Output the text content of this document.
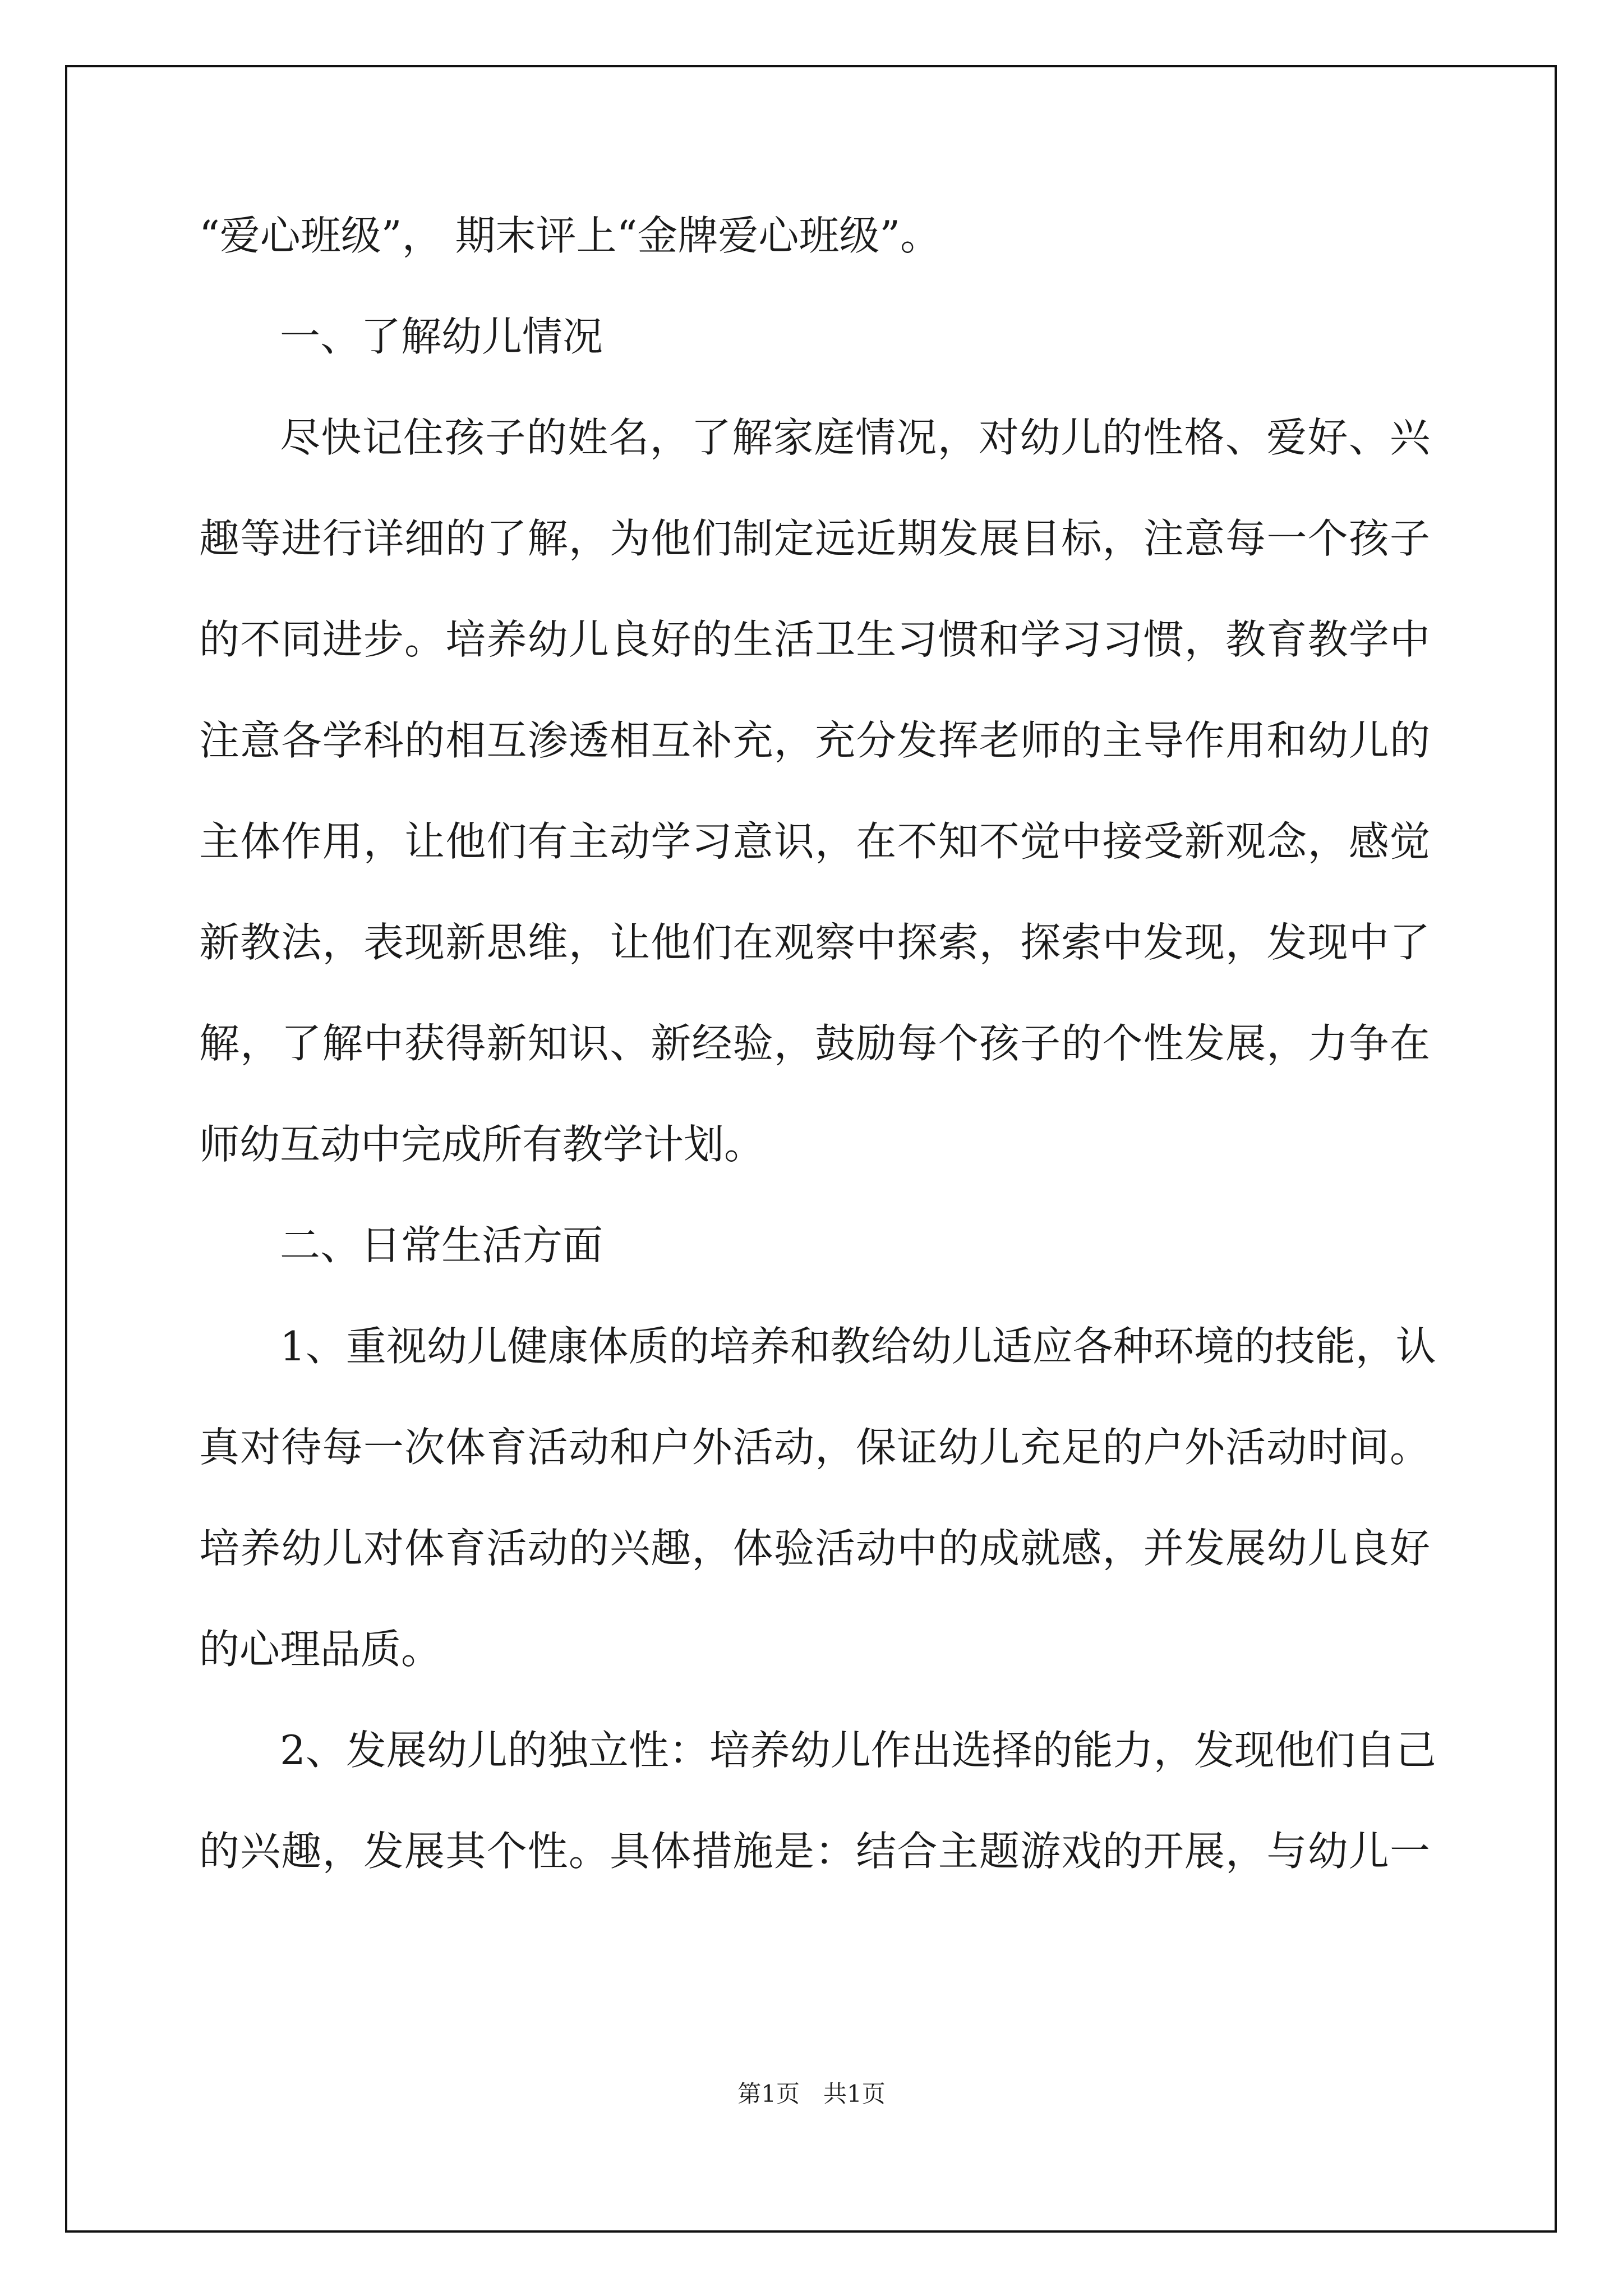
“爱心班级”， 期末评上“金牌爱心班级”。
一、了解幼儿情况
尽快记住孩子的姓名，了解家庭情况，对幼儿的性格、爱好、兴
趣等进行详细的了解，为他们制定远近期发展目标，注意每一个孩子
的不同进步。培养幼儿良好的生活卫生习惯和学习习惯，教育教学中
注意各学科的相互渗透相互补充，充分发挥老师的主导作用和幼儿的
主体作用，让他们有主动学习意识，在不知不觉中接受新观念，感觉
新教法，表现新思维，让他们在观察中探索，探索中发现，发现中了
解，了解中获得新知识、新经验，鼓励每个孩子的个性发展，力争在
师幼互动中完成所有教学计划。
二、日常生活方面
1、重视幼儿健康体质的培养和教给幼儿适应各种环境的技能，认
真对待每一次体育活动和户外活动，保证幼儿充足的户外活动时间。
培养幼儿对体育活动的兴趣，体验活动中的成就感，并发展幼儿良好
的心理品质。
2、发展幼儿的独立性：培养幼儿作出选择的能力，发现他们自己
的兴趣，发展其个性。具体措施是：结合主题游戏的开展，与幼儿一
第1页　共1页
